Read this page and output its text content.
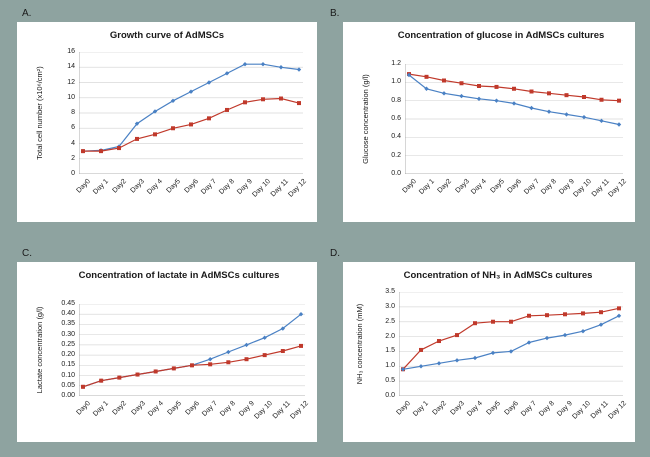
A.
Growth curve of AdMSCs
0
2
4
6
8
10
12
14
16
Day0 Day 1 Day2 Day3 Day 4 Day5 Day6 Day 7 Day 8 Day 9
Day 10
Day 11
Day 12
Total cell number (x10⁶/cm²)
B.
Concentration of glucose in AdMSCs cultures
0.0
0.2
0.4
0.6
0.8
1.0
1.2
Day0 Day 1 Day2 Day3 Day 4 Day5 Day6 Day 7 Day 8 Day 9
Day 10
Day 11
Day 12
Glucose concentration (g/l)
C.
Concentration of lactate in AdMSCs cultures
0.00
0.05
0.10
0.15
0.20
0.25
0.30
0.35
0.40
0.45
Day0 Day 1 Day2 Day3 Day 4 Day5 Day6 Day 7 Day 8 Day 9
Day 10
Day 11
Day 12
Lactate concentration (g/l)
D.
Concentration of NH₃ in AdMSCs cultures
0.0
0.5
1.0
1.5
2.0
2.5
3.0
3.5
Day0 Day 1 Day2 Day3 Day 4 Day5 Day6 Day 7 Day 8 Day 9
Day 10
Day 11
Day 12
NH₃ concentration (mM)
